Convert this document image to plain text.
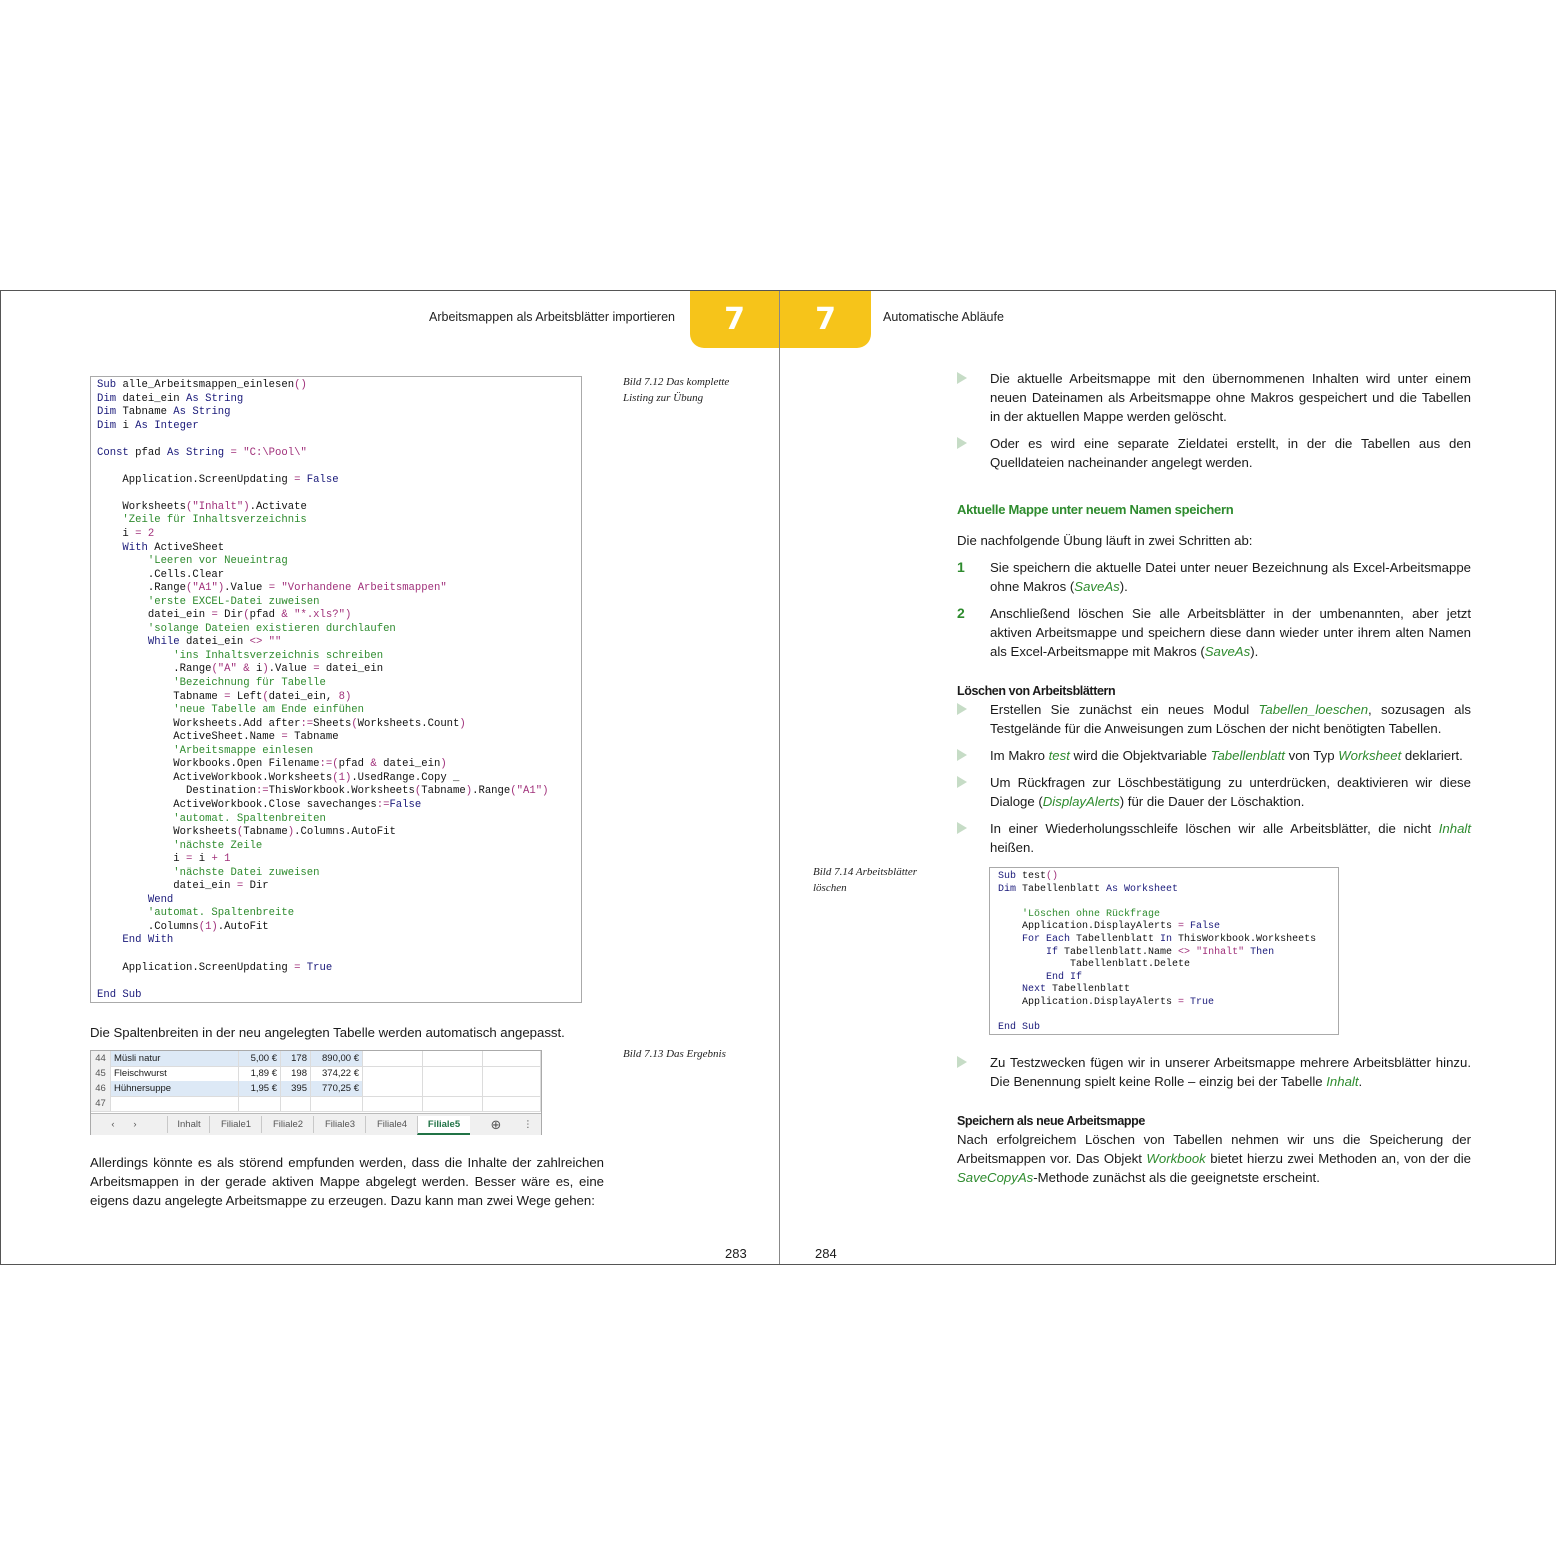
Arbeitsmappen als Arbeitsblätter importieren	7	7	Automatische Abläufe
Sub alle_Arbeitsmappen_einlesen()
Dim datei_ein As String
Dim Tabname As String
Dim i As Integer

Const pfad As String = "C:\Pool\"

Application.ScreenUpdating = False

Worksheets("Inhalt").Activate
'Zeile für Inhaltsverzeichnis
i = 2
With ActiveSheet
'Leeren vor Neueintrag
.Cells.Clear
.Range("A1").Value = "Vorhandene Arbeitsmappen"
'erste EXCEL-Datei zuweisen
datei_ein = Dir(pfad & "*.xls?")
'solange Dateien existieren durchlaufen
While datei_ein <> ""
'ins Inhaltsverzeichnis schreiben
.Range("A" & i).Value = datei_ein
'Bezeichnung für Tabelle
Tabname = Left(datei_ein, 8)
'neue Tabelle am Ende einfühen
Worksheets.Add after:=Sheets(Worksheets.Count)
ActiveSheet.Name = Tabname
'Arbeitsmappe einlesen
Workbooks.Open Filename:=(pfad & datei_ein)
ActiveWorkbook.Worksheets(1).UsedRange.Copy _
Destination:=ThisWorkbook.Worksheets(Tabname).Range("A1")
ActiveWorkbook.Close savechanges:=False
'automat. Spaltenbreiten
Worksheets(Tabname).Columns.AutoFit
'nächste Zeile
i = i + 1
'nächste Datei zuweisen
datei_ein = Dir
Wend
'automat. Spaltenbreite
.Columns(1).AutoFit
End With

Application.ScreenUpdating = True

End Sub
Bild 7.12 Das komplette
Listing zur Übung

Die Spaltenbreiten in der neu angelegten Tabelle werden automatisch angepasst.

Bild 7.13 Das Ergebnis
44 Müsli natur	5,00 €	178	890,00 €
45 Fleischwurst	1,89 €	198	374,22 €
46 Hühnersuppe	1,95 €	395	770,25 €
47
‹	›	Inhalt	Filiale1	Filiale2	Filiale3	Filiale4	Filiale5	⊕	⋮

Allerdings könnte es als störend empfunden werden, dass die Inhalte der zahlreichen Arbeitsmappen in der gerade aktiven Mappe abgelegt werden. Besser wäre es, eine eigens dazu angelegte Arbeitsmappe zu erzeugen. Dazu kann man zwei Wege gehen:

283
Die aktuelle Arbeitsmappe mit den übernommenen Inhalten wird unter einem neuen Dateinamen als Arbeitsmappe ohne Makros gespeichert und die Tabellen in der aktuellen Mappe werden gelöscht.
Oder es wird eine separate Zieldatei erstellt, in der die Tabellen aus den Quelldateien nacheinander angelegt werden.
Aktuelle Mappe unter neuem Namen speichern

Die nachfolgende Übung läuft in zwei Schritten ab:

1 Sie speichern die aktuelle Datei unter neuer Bezeichnung als Excel-Arbeitsmappe ohne Makros (SaveAs).
2 Anschließend löschen Sie alle Arbeitsblätter in der umbenannten, aber jetzt aktiven Arbeitsmappe und speichern diese dann wieder unter ihrem alten Namen als Excel-Arbeitsmappe mit Makros (SaveAs).
Löschen von Arbeitsblättern
Erstellen Sie zunächst ein neues Modul Tabellen_loeschen, sozusagen als Testgelände für die Anweisungen zum Löschen der nicht benötigten Tabellen.
Im Makro test wird die Objektvariable Tabellenblatt von Typ Worksheet deklariert.
Um Rückfragen zur Löschbestätigung zu unterdrücken, deaktivieren wir diese Dialoge (DisplayAlerts) für die Dauer der Löschaktion.
In einer Wiederholungsschleife löschen wir alle Arbeitsblätter, die nicht Inhalt heißen.
Bild 7.14 Arbeitsblätter
löschen
Sub test()
Dim Tabellenblatt As Worksheet

'Löschen ohne Rückfrage
Application.DisplayAlerts = False
For Each Tabellenblatt In ThisWorkbook.Worksheets
If Tabellenblatt.Name <> "Inhalt" Then
Tabellenblatt.Delete
End If
Next Tabellenblatt
Application.DisplayAlerts = True

End Sub
Zu Testzwecken fügen wir in unserer Arbeitsmappe mehrere Arbeitsblätter hinzu. Die Benennung spielt keine Rolle – einzig bei der Tabelle Inhalt.
Speichern als neue Arbeitsmappe

Nach erfolgreichem Löschen von Tabellen nehmen wir uns die Speicherung der Arbeitsmappen vor. Das Objekt Workbook bietet hierzu zwei Methoden an, von der die SaveCopyAs-Methode zunächst als die geeignetste erscheint.

284
